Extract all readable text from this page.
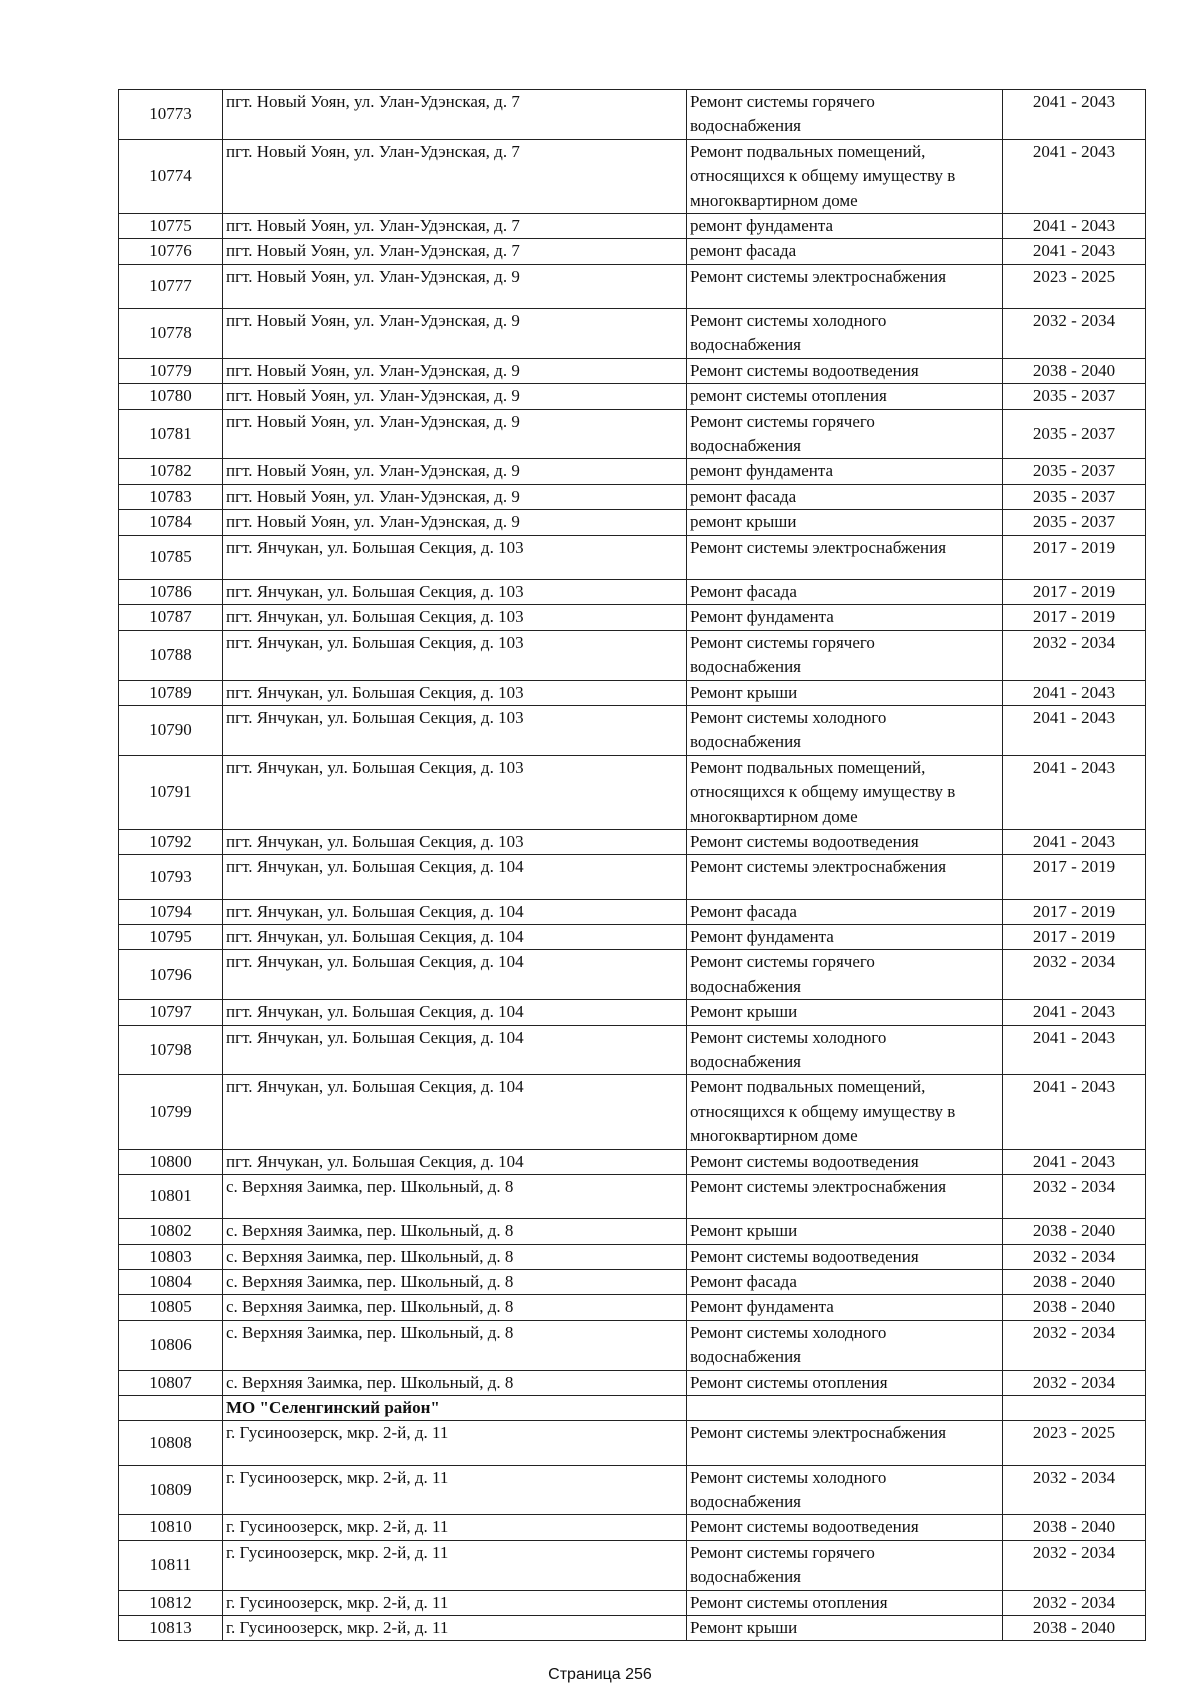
10773	пгт. Новый Уоян, ул. Улан-Удэнская, д. 7	Ремонт системы горячего
водоснабжения	2041 - 2043

10774	пгт. Новый Уоян, ул. Улан-Удэнская, д. 7	Ремонт подвальных помещений,
относящихся к общему имуществу в
многоквартирном доме	2041 - 2043

10775	пгт. Новый Уоян, ул. Улан-Удэнская, д. 7	ремонт фундамента	2041 - 2043

10776	пгт. Новый Уоян, ул. Улан-Удэнская, д. 7	ремонт фасада	2041 - 2043

10777	пгт. Новый Уоян, ул. Улан-Удэнская, д. 9	Ремонт системы электроснабжения	2023 - 2025

10778	пгт. Новый Уоян, ул. Улан-Удэнская, д. 9	Ремонт системы холодного
водоснабжения	2032 - 2034

10779	пгт. Новый Уоян, ул. Улан-Удэнская, д. 9	Ремонт системы водоотведения	2038 - 2040

10780	пгт. Новый Уоян, ул. Улан-Удэнская, д. 9	ремонт системы отопления	2035 - 2037

10781	пгт. Новый Уоян, ул. Улан-Удэнская, д. 9	Ремонт системы горячего
водоснабжения	2035 - 2037

10782	пгт. Новый Уоян, ул. Улан-Удэнская, д. 9	ремонт фундамента	2035 - 2037

10783	пгт. Новый Уоян, ул. Улан-Удэнская, д. 9	ремонт фасада	2035 - 2037

10784	пгт. Новый Уоян, ул. Улан-Удэнская, д. 9	ремонт крыши	2035 - 2037

10785	пгт. Янчукан, ул. Большая Секция, д. 103	Ремонт системы электроснабжения	2017 - 2019

10786	пгт. Янчукан, ул. Большая Секция, д. 103	Ремонт фасада	2017 - 2019

10787	пгт. Янчукан, ул. Большая Секция, д. 103	Ремонт фундамента	2017 - 2019

10788	пгт. Янчукан, ул. Большая Секция, д. 103	Ремонт системы горячего
водоснабжения	2032 - 2034

10789	пгт. Янчукан, ул. Большая Секция, д. 103	Ремонт крыши	2041 - 2043

10790	пгт. Янчукан, ул. Большая Секция, д. 103	Ремонт системы холодного
водоснабжения	2041 - 2043

10791	пгт. Янчукан, ул. Большая Секция, д. 103	Ремонт подвальных помещений,
относящихся к общему имуществу в
многоквартирном доме	2041 - 2043

10792	пгт. Янчукан, ул. Большая Секция, д. 103	Ремонт системы водоотведения	2041 - 2043

10793	пгт. Янчукан, ул. Большая Секция, д. 104	Ремонт системы электроснабжения	2017 - 2019

10794	пгт. Янчукан, ул. Большая Секция, д. 104	Ремонт фасада	2017 - 2019

10795	пгт. Янчукан, ул. Большая Секция, д. 104	Ремонт фундамента	2017 - 2019

10796	пгт. Янчукан, ул. Большая Секция, д. 104	Ремонт системы горячего
водоснабжения	2032 - 2034

10797	пгт. Янчукан, ул. Большая Секция, д. 104	Ремонт крыши	2041 - 2043

10798	пгт. Янчукан, ул. Большая Секция, д. 104	Ремонт системы холодного
водоснабжения	2041 - 2043

10799	пгт. Янчукан, ул. Большая Секция, д. 104	Ремонт подвальных помещений,
относящихся к общему имуществу в
многоквартирном доме	2041 - 2043

10800	пгт. Янчукан, ул. Большая Секция, д. 104	Ремонт системы водоотведения	2041 - 2043

10801	с. Верхняя Заимка, пер. Школьный, д. 8	Ремонт системы электроснабжения	2032 - 2034

10802	с. Верхняя Заимка, пер. Школьный, д. 8	Ремонт крыши	2038 - 2040

10803	с. Верхняя Заимка, пер. Школьный, д. 8	Ремонт системы водоотведения	2032 - 2034

10804	с. Верхняя Заимка, пер. Школьный, д. 8	Ремонт фасада	2038 - 2040

10805	с. Верхняя Заимка, пер. Школьный, д. 8	Ремонт фундамента	2038 - 2040

10806	с. Верхняя Заимка, пер. Школьный, д. 8	Ремонт системы холодного
водоснабжения	2032 - 2034

10807	с. Верхняя Заимка, пер. Школьный, д. 8	Ремонт системы отопления	2032 - 2034

	МО "Селенгинский район"		

10808	г. Гусиноозерск, мкр. 2-й, д. 11	Ремонт системы электроснабжения	2023 - 2025

10809	г. Гусиноозерск, мкр. 2-й, д. 11	Ремонт системы холодного
водоснабжения	2032 - 2034

10810	г. Гусиноозерск, мкр. 2-й, д. 11	Ремонт системы водоотведения	2038 - 2040

10811	г. Гусиноозерск, мкр. 2-й, д. 11	Ремонт системы горячего
водоснабжения	2032 - 2034

10812	г. Гусиноозерск, мкр. 2-й, д. 11	Ремонт системы отопления	2032 - 2034

10813	г. Гусиноозерск, мкр. 2-й, д. 11	Ремонт крыши	2038 - 2040
Страница 256
